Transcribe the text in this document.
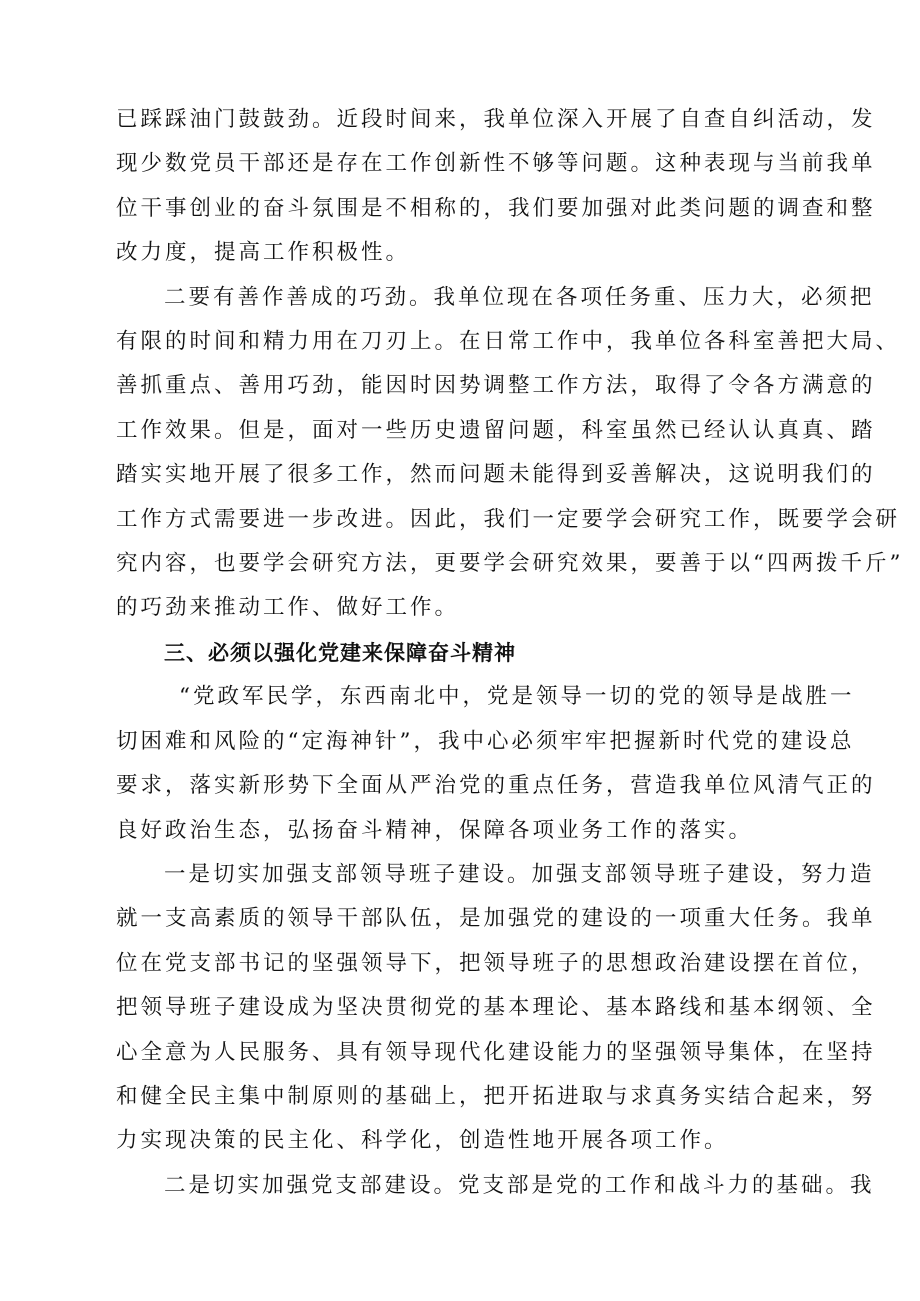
已踩踩油门鼓鼓劲。近段时间来，我单位深入开展了自查自纠活动，发
现少数党员干部还是存在工作创新性不够等问题。这种表现与当前我单
位干事创业的奋斗氛围是不相称的，我们要加强对此类问题的调查和整
改力度，提高工作积极性。

二要有善作善成的巧劲。我单位现在各项任务重、压力大，必须把
有限的时间和精力用在刀刃上。在日常工作中，我单位各科室善把大局、
善抓重点、善用巧劲，能因时因势调整工作方法，取得了令各方满意的
工作效果。但是，面对一些历史遗留问题，科室虽然已经认认真真、踏
踏实实地开展了很多工作，然而问题未能得到妥善解决，这说明我们的
工作方式需要进一步改进。因此，我们一定要学会研究工作，既要学会研
究内容，也要学会研究方法，更要学会研究效果，要善于以“四两拨千斤”
的巧劲来推动工作、做好工作。

三、必须以强化党建来保障奋斗精神

“党政军民学，东西南北中，党是领导一切的党的领导是战胜一
切困难和风险的“定海神针”，我中心必须牢牢把握新时代党的建设总
要求，落实新形势下全面从严治党的重点任务，营造我单位风清气正的
良好政治生态，弘扬奋斗精神，保障各项业务工作的落实。

一是切实加强支部领导班子建设。加强支部领导班子建设，努力造
就一支高素质的领导干部队伍，是加强党的建设的一项重大任务。我单
位在党支部书记的坚强领导下，把领导班子的思想政治建设摆在首位，
把领导班子建设成为坚决贯彻党的基本理论、基本路线和基本纲领、全
心全意为人民服务、具有领导现代化建设能力的坚强领导集体，在坚持
和健全民主集中制原则的基础上，把开拓进取与求真务实结合起来，努
力实现决策的民主化、科学化，创造性地开展各项工作。

二是切实加强党支部建设。党支部是党的工作和战斗力的基础。我
